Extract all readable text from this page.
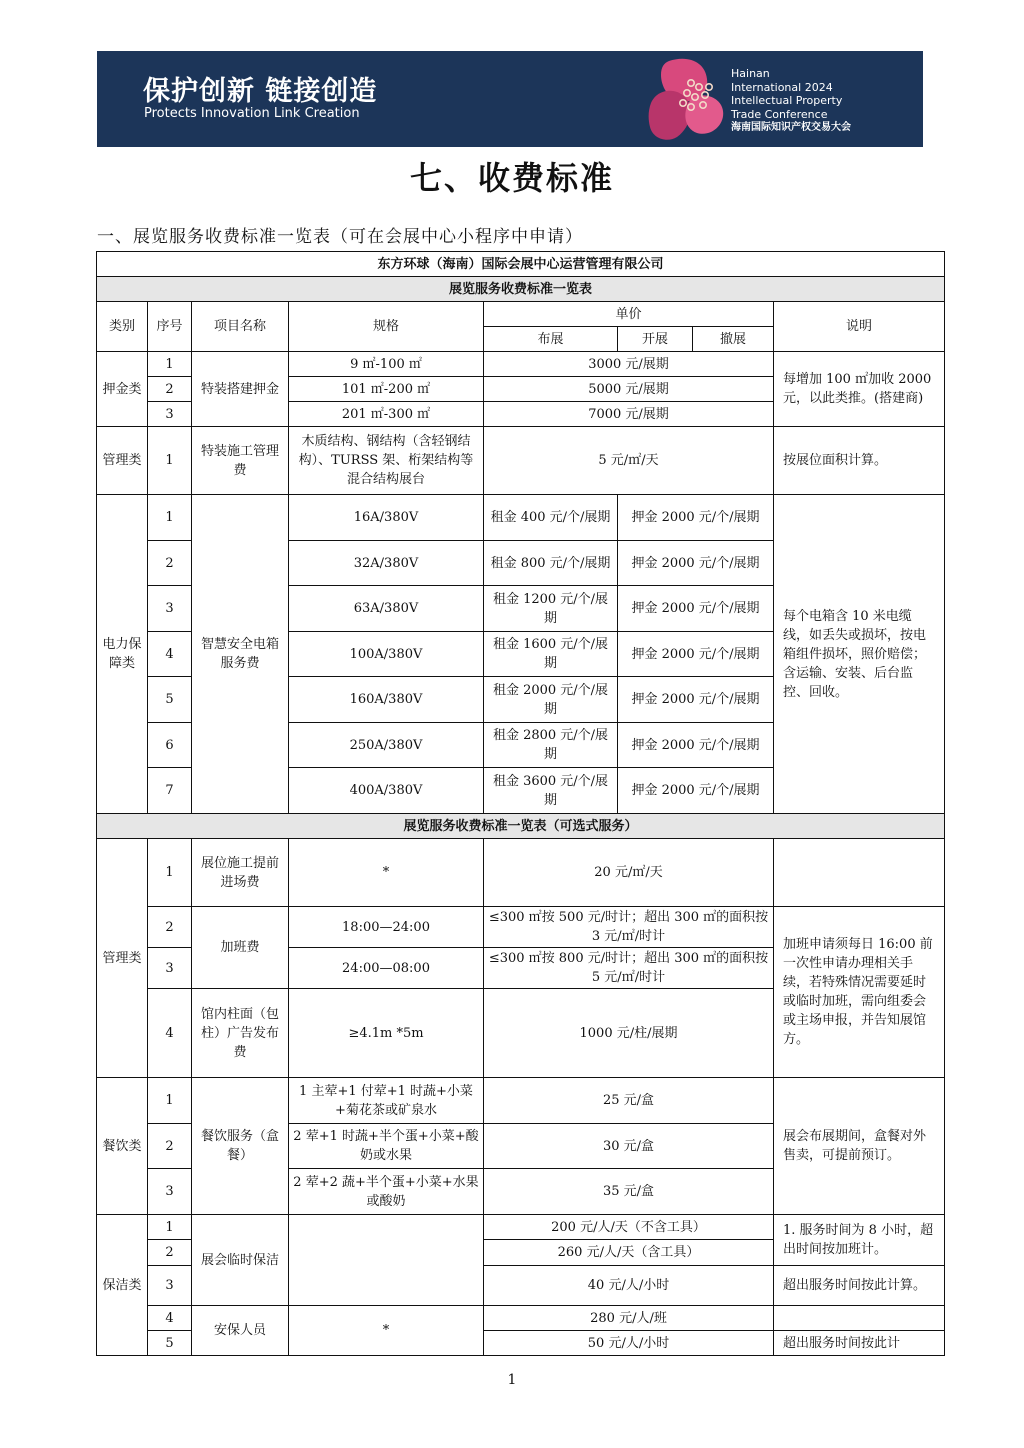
保护创新 链接创造
Protects Innovation Link Creation
Hainan
International 2024
Intellectual Property
Trade Conference
海南国际知识产权交易大会
七、收费标准
一、展览服务收费标准一览表（可在会展中心小程序中申请）
东方环球（海南）国际会展中心运营管理有限公司							
展览服务收费标准一览表							
类别	序号	项目名称	规格	单价			说明
				布展	开展	撤展	
押金类	1	特装搭建押金	9 ㎡-100 ㎡	3000 元/展期			每增加 100 ㎡加收 2000 元，以此类推。(搭建商)
	2		101 ㎡-200 ㎡	5000 元/展期			
	3		201 ㎡-300 ㎡	7000 元/展期			
管理类	1	特装施工管理费	木质结构、钢结构（含轻钢结构）、TURSS 架、桁架结构等混合结构展台	5 元/㎡/天			按展位面积计算。
电力保障类	1	智慧安全电箱服务费	16A/380V	租金 400 元/个/展期	押金 2000 元/个/展期		每个电箱含 10 米电缆线，如丢失或损坏，按电箱组件损坏，照价赔偿；含运输、安装、后台监控、回收。
	2		32A/380V	租金 800 元/个/展期	押金 2000 元/个/展期		
	3		63A/380V	租金 1200 元/个/展期	押金 2000 元/个/展期		
	4		100A/380V	租金 1600 元/个/展期	押金 2000 元/个/展期		
	5		160A/380V	租金 2000 元/个/展期	押金 2000 元/个/展期		
	6		250A/380V	租金 2800 元/个/展期	押金 2000 元/个/展期		
	7		400A/380V	租金 3600 元/个/展期	押金 2000 元/个/展期		
展览服务收费标准一览表（可选式服务）							
管理类	1	展位施工提前进场费	*	20 元/㎡/天			
	2	加班费	18:00—24:00	≤300 ㎡按 500 元/时计；超出 300 ㎡的面积按 3 元/㎡/时计			加班申请须每日 16:00 前一次性申请办理相关手续，若特殊情况需要延时或临时加班，需向组委会或主场申报，并告知展馆方。
	3		24:00—08:00	≤300 ㎡按 800 元/时计；超出 300 ㎡的面积按 5 元/㎡/时计			
	4	馆内柱面（包柱）广告发布费	≥4.1m *5m	1000 元/柱/展期			
餐饮类	1	餐饮服务（盒餐）	1 主荤+1 付荤+1 时蔬+小菜+菊花茶或矿泉水	25 元/盒			展会布展期间，盒餐对外售卖，可提前预订。
	2		2 荤+1 时蔬+半个蛋+小菜+酸奶或水果	30 元/盒			
	3		2 荤+2 蔬+半个蛋+小菜+水果或酸奶	35 元/盒			
保洁类	1	展会临时保洁		200 元/人/天（不含工具）			1. 服务时间为 8 小时，超出时间按加班计。
	2			260 元/人/天（含工具）			
	3			40 元/人/小时			超出服务时间按此计算。
	4	安保人员	*	280 元/人/班			
	5			50 元/人/小时			超出服务时间按此计
1
